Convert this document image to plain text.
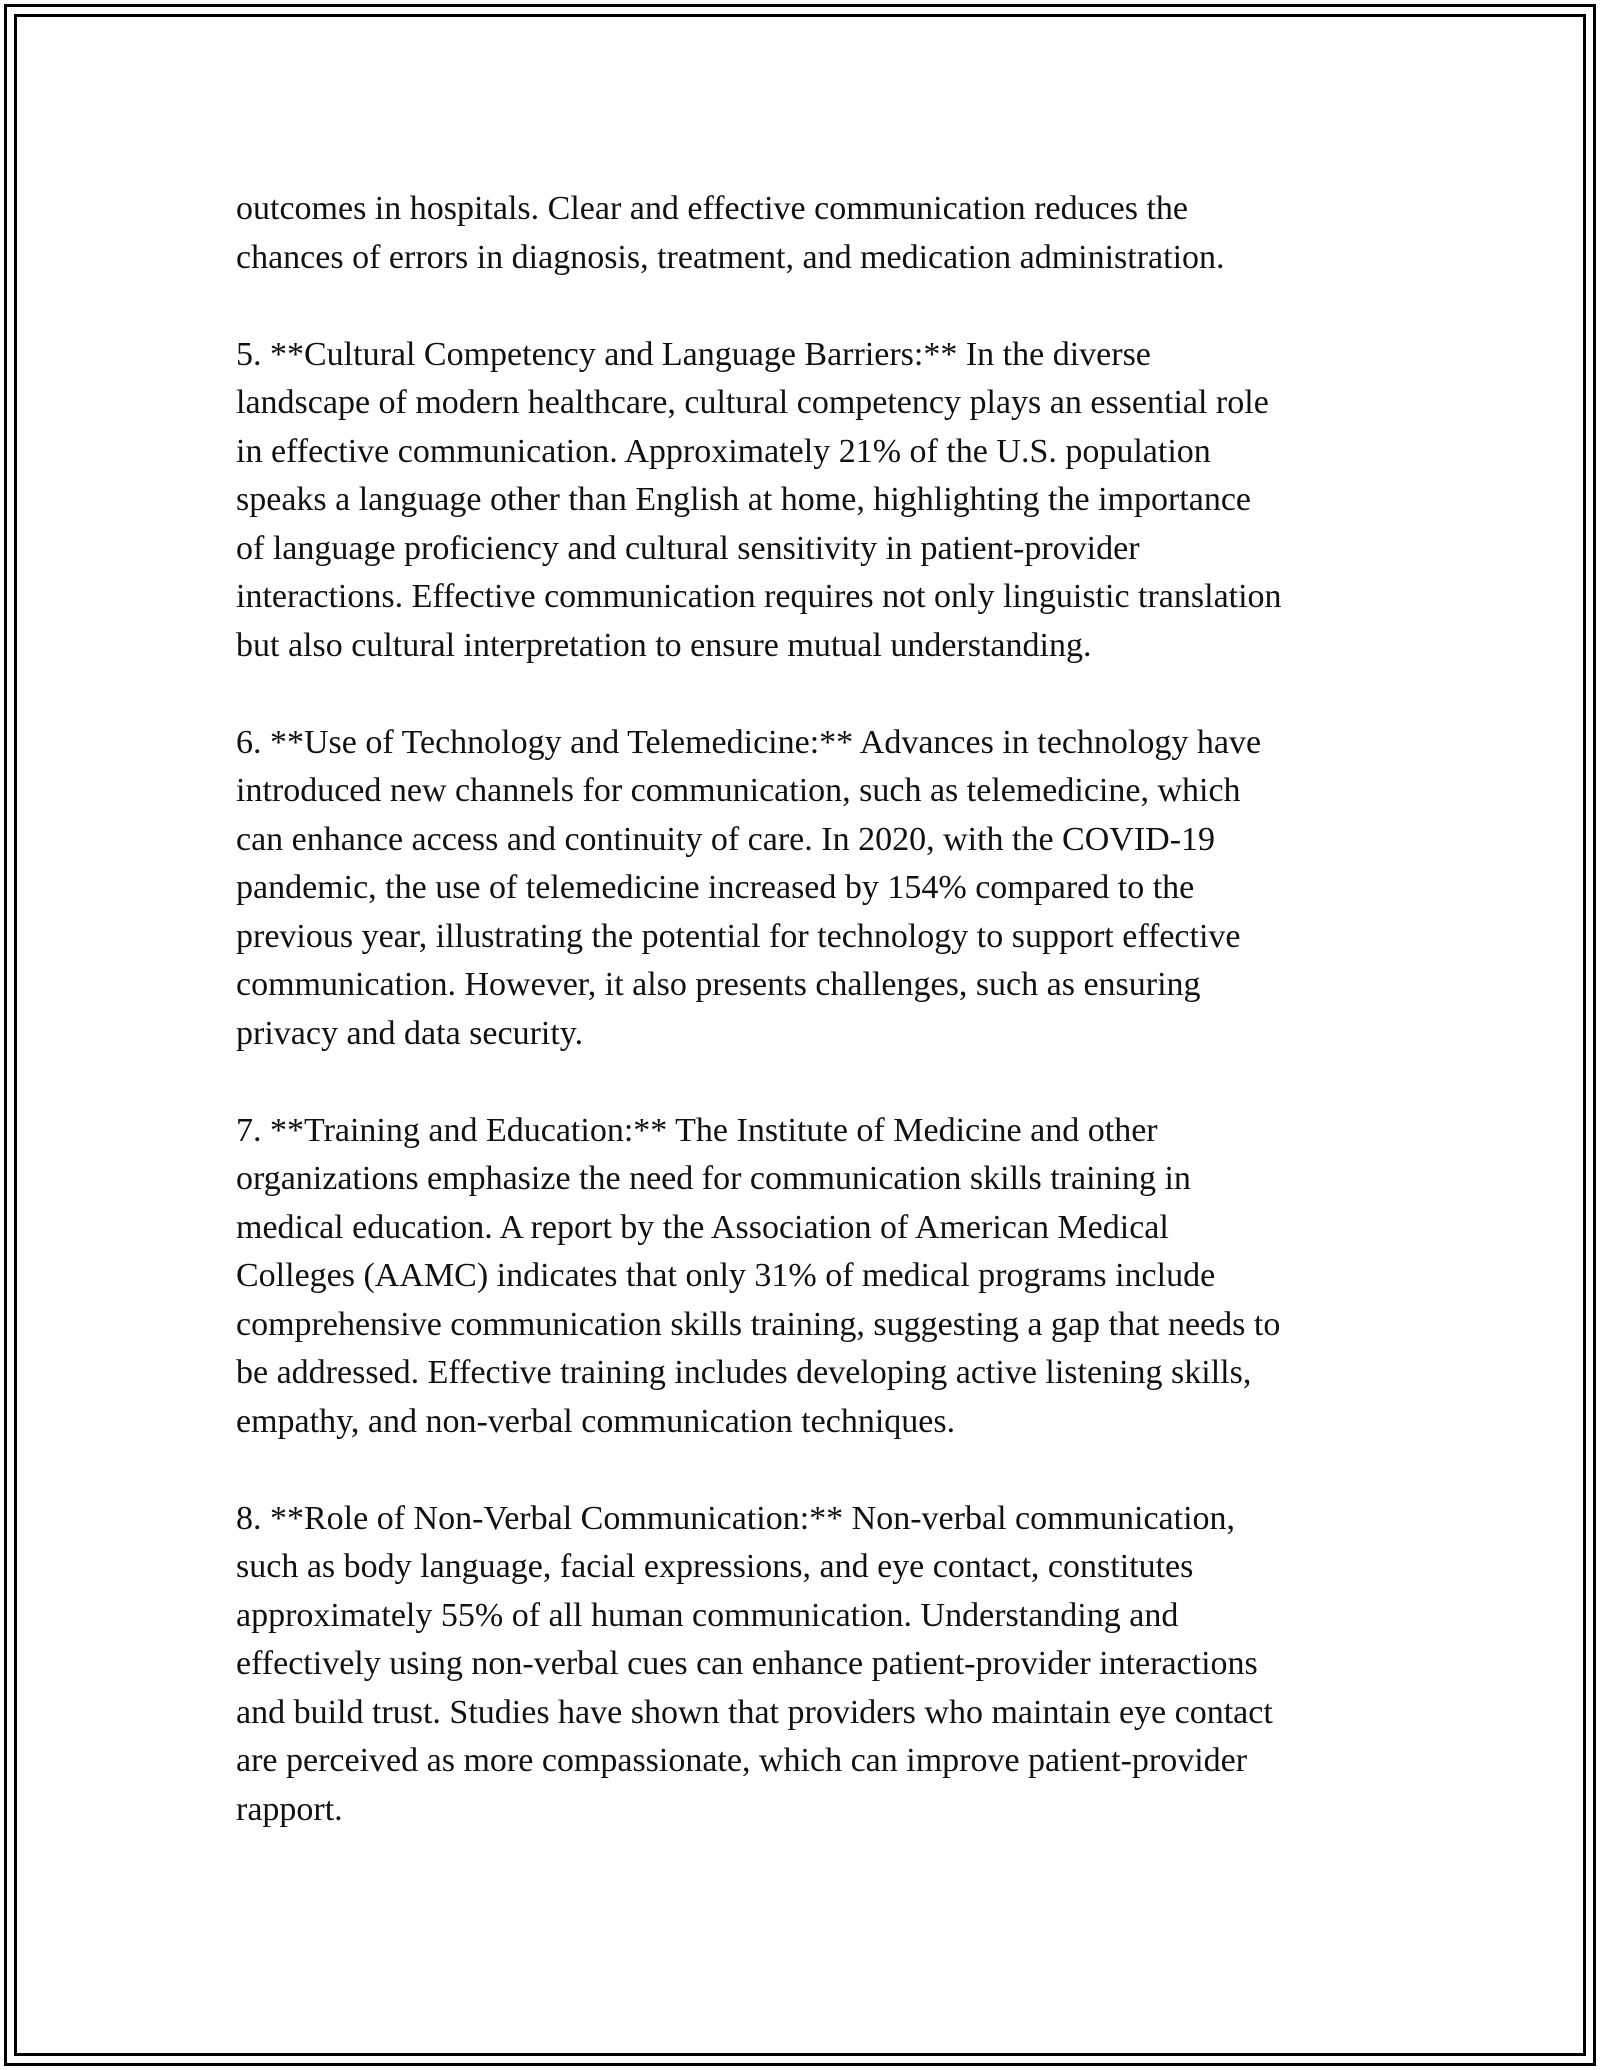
outcomes in hospitals. Clear and effective communication reduces the
chances of errors in diagnosis, treatment, and medication administration.

5. **Cultural Competency and Language Barriers:** In the diverse
landscape of modern healthcare, cultural competency plays an essential role
in effective communication. Approximately 21% of the U.S. population
speaks a language other than English at home, highlighting the importance
of language proficiency and cultural sensitivity in patient-provider
interactions. Effective communication requires not only linguistic translation
but also cultural interpretation to ensure mutual understanding.

6. **Use of Technology and Telemedicine:** Advances in technology have
introduced new channels for communication, such as telemedicine, which
can enhance access and continuity of care. In 2020, with the COVID-19
pandemic, the use of telemedicine increased by 154% compared to the
previous year, illustrating the potential for technology to support effective
communication. However, it also presents challenges, such as ensuring
privacy and data security.

7. **Training and Education:** The Institute of Medicine and other
organizations emphasize the need for communication skills training in
medical education. A report by the Association of American Medical
Colleges (AAMC) indicates that only 31% of medical programs include
comprehensive communication skills training, suggesting a gap that needs to
be addressed. Effective training includes developing active listening skills,
empathy, and non-verbal communication techniques.

8. **Role of Non-Verbal Communication:** Non-verbal communication,
such as body language, facial expressions, and eye contact, constitutes
approximately 55% of all human communication. Understanding and
effectively using non-verbal cues can enhance patient-provider interactions
and build trust. Studies have shown that providers who maintain eye contact
are perceived as more compassionate, which can improve patient-provider
rapport.
